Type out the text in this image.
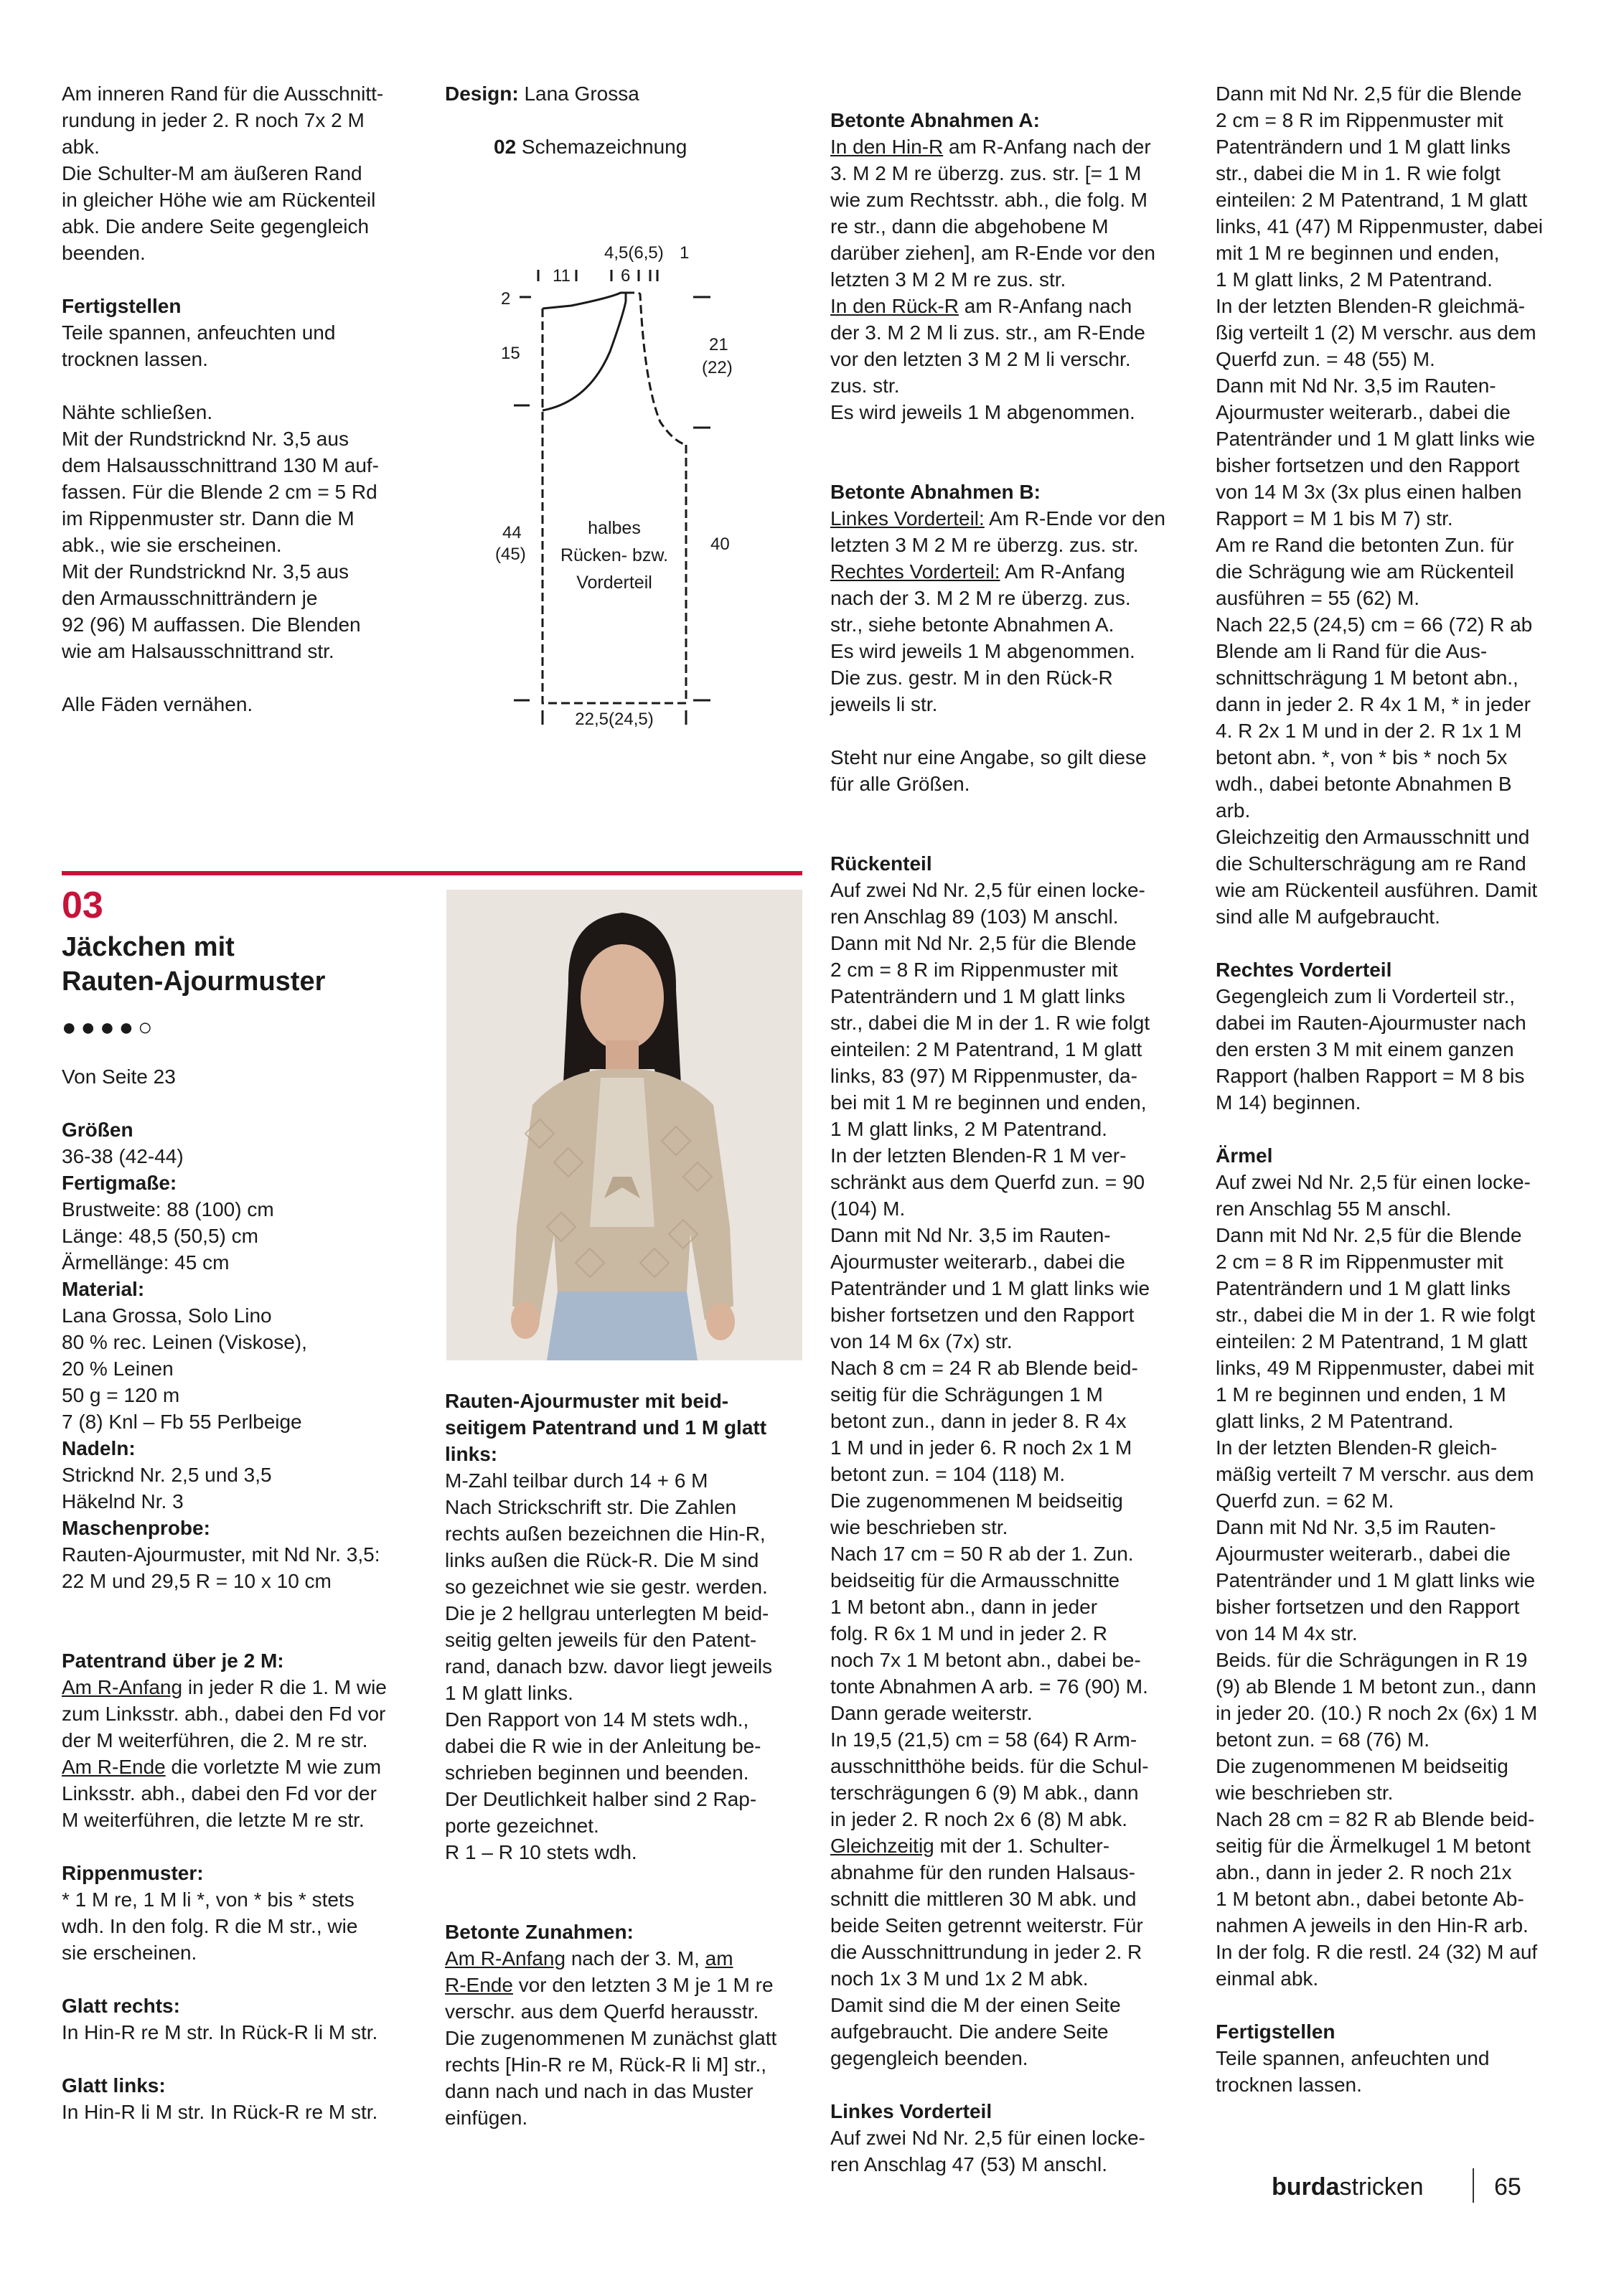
Am inneren Rand für die Ausschnitt-
rundung in jeder 2. R noch 7x 2 M
abk.
Die Schulter-M am äußeren Rand
in gleicher Höhe wie am Rückenteil
abk. Die andere Seite gegengleich
beenden.

Fertigstellen

Teile spannen, anfeuchten und
trocknen lassen.

Nähte schließen.
Mit der Rundstricknd Nr. 3,5 aus
dem Halsausschnittrand 130 M auf-
fassen. Für die Blende 2 cm = 5 Rd
im Rippenmuster str. Dann die M
abk., wie sie erscheinen.
Mit der Rundstricknd Nr. 3,5 aus
den Armausschnitträndern je
92 (96) M auffassen. Die Blenden
wie am Halsausschnittrand str.

Alle Fäden vernähen.

Design: Lana Grossa
02 Schemazeichnung
4,5(6,5) 1
11	6
2
15	21
(22)
44
(45)
40
halbes
Rücken- bzw.
Vorderteil
22,5(24,5)
03
Jäckchen mit
Rauten-Ajourmuster
●●●●○

Von Seite 23

Größen
36-38 (42-44)
Fertigmaße:
Brustweite: 88 (100) cm
Länge: 48,5 (50,5) cm
Ärmellänge: 45 cm
Material:
Lana Grossa, Solo Lino
80 % rec. Leinen (Viskose),
20 % Leinen
50 g = 120 m
7 (8) Knl – Fb 55 Perlbeige
Nadeln:
Stricknd Nr. 2,5 und 3,5
Häkelnd Nr. 3
Maschenprobe:
Rauten-Ajourmuster, mit Nd Nr. 3,5:
22 M und 29,5 R = 10 x 10 cm

Patentrand über je 2 M:
Am R-Anfang in jeder R die 1. M wie
zum Linksstr. abh., dabei den Fd vor
der M weiterführen, die 2. M re str.
Am R-Ende die vorletzte M wie zum
Linksstr. abh., dabei den Fd vor der
M weiterführen, die letzte M re str.

Rippenmuster:
* 1 M re, 1 M li *, von * bis * stets
wdh. In den folg. R die M str., wie
sie erscheinen.
Glatt rechts:
In Hin-R re M str. In Rück-R li M str.
Glatt links:
In Hin-R li M str. In Rück-R re M str.
Rauten-Ajourmuster mit beid-
seitigem Patentrand und 1 M glatt
links:
M-Zahl teilbar durch 14 + 6 M
Nach Strickschrift str. Die Zahlen
rechts außen bezeichnen die Hin-R,
links außen die Rück-R. Die M sind
so gezeichnet wie sie gestr. werden.
Die je 2 hellgrau unterlegten M beid-
seitig gelten jeweils für den Patent-
rand, danach bzw. davor liegt jeweils
1 M glatt links.
Den Rapport von 14 M stets wdh.,
dabei die R wie in der Anleitung be-
schrieben beginnen und beenden.
Der Deutlichkeit halber sind 2 Rap-
porte gezeichnet.
R 1 – R 10 stets wdh.

Betonte Zunahmen:
Am R-Anfang nach der 3. M, am
R-Ende vor den letzten 3 M je 1 M re
verschr. aus dem Querfd herausstr.
Die zugenommenen M zunächst glatt
rechts [Hin-R re M, Rück-R li M] str.,
dann nach und nach in das Muster
einfügen.

Betonte Abnahmen A:
In den Hin-R am R-Anfang nach der
3. M 2 M re überzg. zus. str. [= 1 M
wie zum Rechtsstr. abh., die folg. M
re str., dann die abgehobene M
darüber ziehen], am R-Ende vor den
letzten 3 M 2 M re zus. str.
In den Rück-R am R-Anfang nach
der 3. M 2 M li zus. str., am R-Ende
vor den letzten 3 M 2 M li verschr.
zus. str.
Es wird jeweils 1 M abgenommen.

Betonte Abnahmen B:
Linkes Vorderteil: Am R-Ende vor den
letzten 3 M 2 M re überzg. zus. str.
Rechtes Vorderteil: Am R-Anfang
nach der 3. M 2 M re überzg. zus.
str., siehe betonte Abnahmen A.
Es wird jeweils 1 M abgenommen.
Die zus. gestr. M in den Rück-R
jeweils li str.

Steht nur eine Angabe, so gilt diese
für alle Größen.

Rückenteil
Auf zwei Nd Nr. 2,5 für einen locke-
ren Anschlag 89 (103) M anschl.
Dann mit Nd Nr. 2,5 für die Blende
2 cm = 8 R im Rippenmuster mit
Patenträndern und 1 M glatt links
str., dabei die M in der 1. R wie folgt
einteilen: 2 M Patentrand, 1 M glatt
links, 83 (97) M Rippenmuster, da-
bei mit 1 M re beginnen und enden,
1 M glatt links, 2 M Patentrand.
In der letzten Blenden-R 1 M ver-
schränkt aus dem Querfd zun. = 90
(104) M.
Dann mit Nd Nr. 3,5 im Rauten-
Ajourmuster weiterarb., dabei die
Patentränder und 1 M glatt links wie
bisher fortsetzen und den Rapport
von 14 M 6x (7x) str.
Nach 8 cm = 24 R ab Blende beid-
seitig für die Schrägungen 1 M
betont zun., dann in jeder 8. R 4x
1 M und in jeder 6. R noch 2x 1 M
betont zun. = 104 (118) M.
Die zugenommenen M beidseitig
wie beschrieben str.
Nach 17 cm = 50 R ab der 1. Zun.
beidseitig für die Armausschnitte
1 M betont abn., dann in jeder
folg. R 6x 1 M und in jeder 2. R
noch 7x 1 M betont abn., dabei be-
tonte Abnahmen A arb. = 76 (90) M.
Dann gerade weiterstr.
In 19,5 (21,5) cm = 58 (64) R Arm-
ausschnitthöhe beids. für die Schul-
terschrägungen 6 (9) M abk., dann
in jeder 2. R noch 2x 6 (8) M abk.
Gleichzeitig mit der 1. Schulter-
abnahme für den runden Halsaus-
schnitt die mittleren 30 M abk. und
beide Seiten getrennt weiterstr. Für
die Ausschnittrundung in jeder 2. R
noch 1x 3 M und 1x 2 M abk.
Damit sind die M der einen Seite
aufgebraucht. Die andere Seite
gegengleich beenden.

Linkes Vorderteil
Auf zwei Nd Nr. 2,5 für einen locke-
ren Anschlag 47 (53) M anschl.

Dann mit Nd Nr. 2,5 für die Blende
2 cm = 8 R im Rippenmuster mit
Patenträndern und 1 M glatt links
str., dabei die M in 1. R wie folgt
einteilen: 2 M Patentrand, 1 M glatt
links, 41 (47) M Rippenmuster, dabei
mit 1 M re beginnen und enden,
1 M glatt links, 2 M Patentrand.
In der letzten Blenden-R gleichmä-
ßig verteilt 1 (2) M verschr. aus dem
Querfd zun. = 48 (55) M.
Dann mit Nd Nr. 3,5 im Rauten-
Ajourmuster weiterarb., dabei die
Patentränder und 1 M glatt links wie
bisher fortsetzen und den Rapport
von 14 M 3x (3x plus einen halben
Rapport = M 1 bis M 7) str.
Am re Rand die betonten Zun. für
die Schrägung wie am Rückenteil
ausführen = 55 (62) M.
Nach 22,5 (24,5) cm = 66 (72) R ab
Blende am li Rand für die Aus-
schnittschrägung 1 M betont abn.,
dann in jeder 2. R 4x 1 M, * in jeder
4. R 2x 1 M und in der 2. R 1x 1 M
betont abn. *, von * bis * noch 5x
wdh., dabei betonte Abnahmen B
arb.
Gleichzeitig den Armausschnitt und
die Schulterschrägung am re Rand
wie am Rückenteil ausführen. Damit
sind alle M aufgebraucht.

Rechtes Vorderteil
Gegengleich zum li Vorderteil str.,
dabei im Rauten-Ajourmuster nach
den ersten 3 M mit einem ganzen
Rapport (halben Rapport = M 8 bis
M 14) beginnen.
Ärmel
Auf zwei Nd Nr. 2,5 für einen locke-
ren Anschlag 55 M anschl.
Dann mit Nd Nr. 2,5 für die Blende
2 cm = 8 R im Rippenmuster mit
Patenträndern und 1 M glatt links
str., dabei die M in der 1. R wie folgt
einteilen: 2 M Patentrand, 1 M glatt
links, 49 M Rippenmuster, dabei mit
1 M re beginnen und enden, 1 M
glatt links, 2 M Patentrand.
In der letzten Blenden-R gleich-
mäßig verteilt 7 M verschr. aus dem
Querfd zun. = 62 M.
Dann mit Nd Nr. 3,5 im Rauten-
Ajourmuster weiterarb., dabei die
Patentränder und 1 M glatt links wie
bisher fortsetzen und den Rapport
von 14 M 4x str.
Beids. für die Schrägungen in R 19
(9) ab Blende 1 M betont zun., dann
in jeder 20. (10.) R noch 2x (6x) 1 M
betont zun. = 68 (76) M.
Die zugenommenen M beidseitig
wie beschrieben str.
Nach 28 cm = 82 R ab Blende beid-
seitig für die Ärmelkugel 1 M betont
abn., dann in jeder 2. R noch 21x
1 M betont abn., dabei betonte Ab-
nahmen A jeweils in den Hin-R arb.
In der folg. R die restl. 24 (32) M auf
einmal abk.
Fertigstellen
Teile spannen, anfeuchten und
trocknen lassen.
burdastricken	65
